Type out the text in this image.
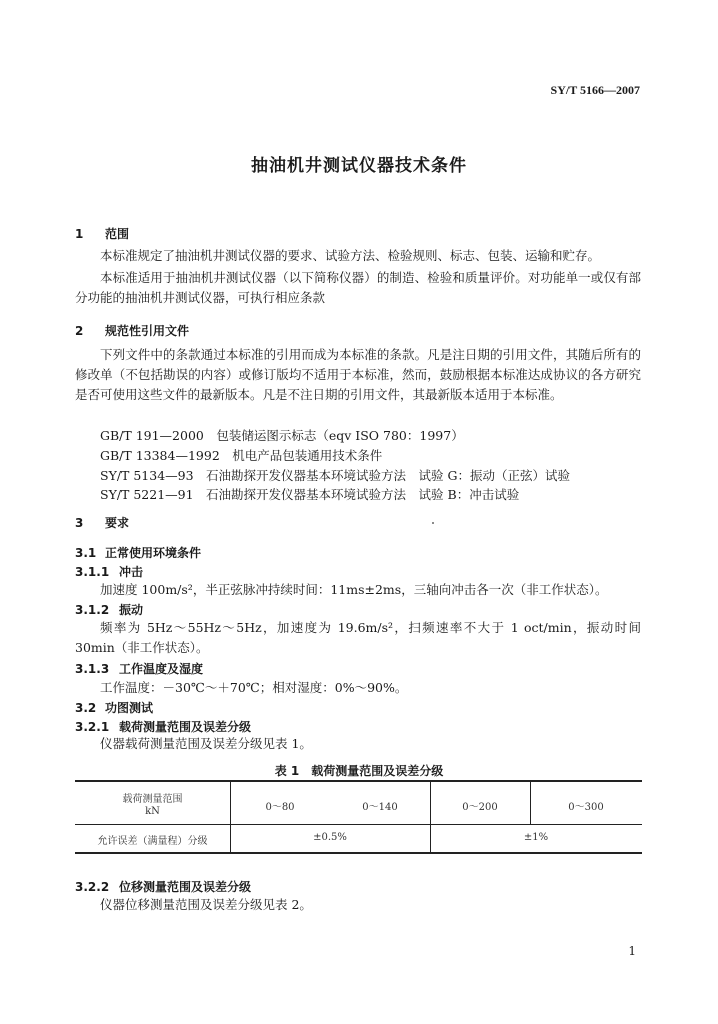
SY/T 5166—2007
抽油机井测试仪器技术条件
1 范围
本标准规定了抽油机井测试仪器的要求、试验方法、检验规则、标志、包装、运输和贮存。
本标准适用于抽油机井测试仪器（以下简称仪器）的制造、检验和质量评价。对功能单一或仅有部分功能的抽油机井测试仪器，可执行相应条款
2 规范性引用文件
下列文件中的条款通过本标准的引用而成为本标准的条款。凡是注日期的引用文件，其随后所有的修改单（不包括勘误的内容）或修订版均不适用于本标准，然而，鼓励根据本标准达成协议的各方研究是否可使用这些文件的最新版本。凡是不注日期的引用文件，其最新版本适用于本标准。
GB/T 191—2000　包装储运图示标志（eqv ISO 780：1997）
GB/T 13384—1992　机电产品包装通用技术条件
SY/T 5134—93　石油勘探开发仪器基本环境试验方法　试验 G：振动（正弦）试验
SY/T 5221—91　石油勘探开发仪器基本环境试验方法　试验 B：冲击试验
3 要求
3.1 正常使用环境条件
3.1.1 冲击
加速度 100m/s²，半正弦脉冲持续时间：11ms±2ms，三轴向冲击各一次（非工作状态）。
3.1.2 振动
频率为 5Hz～55Hz～5Hz，加速度为 19.6m/s²，扫频速率不大于 1 oct/min，振动时间 30min（非工作状态）。
3.1.3 工作温度及湿度
工作温度：－30℃～＋70℃；相对湿度：0%～90%。
3.2 功图测试
3.2.1 载荷测量范围及误差分级
仪器载荷测量范围及误差分级见表 1。
表 1　载荷测量范围及误差分级
载荷测量范围
kN	0～80	0～140	0～200	0～300
允许误差（满量程）分级	±0.5%	±1%
3.2.2 位移测量范围及误差分级
仪器位移测量范围及误差分级见表 2。
1
